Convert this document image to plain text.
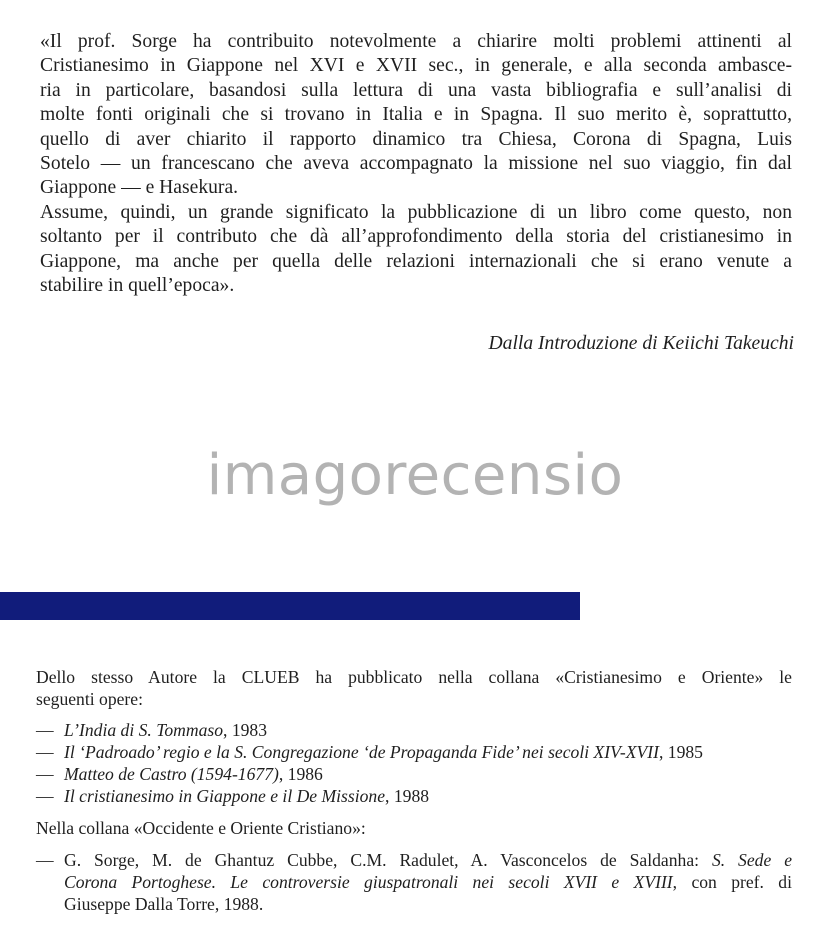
«Il prof. Sorge ha contribuito notevolmente a chiarire molti problemi attinenti al
Cristianesimo in Giappone nel XVI e XVII sec., in generale, e alla seconda ambasce-
ria in particolare, basandosi sulla lettura di una vasta bibliografia e sull’analisi di
molte fonti originali che si trovano in Italia e in Spagna. Il suo merito è, soprattutto,
quello di aver chiarito il rapporto dinamico tra Chiesa, Corona di Spagna, Luis
Sotelo — un francescano che aveva accompagnato la missione nel suo viaggio, fin dal
Giappone — e Hasekura.
Assume, quindi, un grande significato la pubblicazione di un libro come questo, non
soltanto per il contributo che dà all’approfondimento della storia del cristianesimo in
Giappone, ma anche per quella delle relazioni internazionali che si erano venute a
stabilire in quell’epoca».

Dalla Introduzione di Keiichi Takeuchi
imagorecensio
Dello stesso Autore la CLUEB ha pubblicato nella collana «Cristianesimo e Oriente» le
seguenti opere:
— L’India di S. Tommaso, 1983
— Il ‘Padroado’ regio e la S. Congregazione ‘de Propaganda Fide’ nei secoli XIV-XVII, 1985
— Matteo de Castro (1594-1677), 1986
— Il cristianesimo in Giappone e il De Missione, 1988
Nella collana «Occidente e Oriente Cristiano»:
— G. Sorge, M. de Ghantuz Cubbe, C.M. Radulet, A. Vasconcelos de Saldanha: S. Sede e
Corona Portoghese. Le controversie giuspatronali nei secoli XVII e XVIII, con pref. di
Giuseppe Dalla Torre, 1988.
